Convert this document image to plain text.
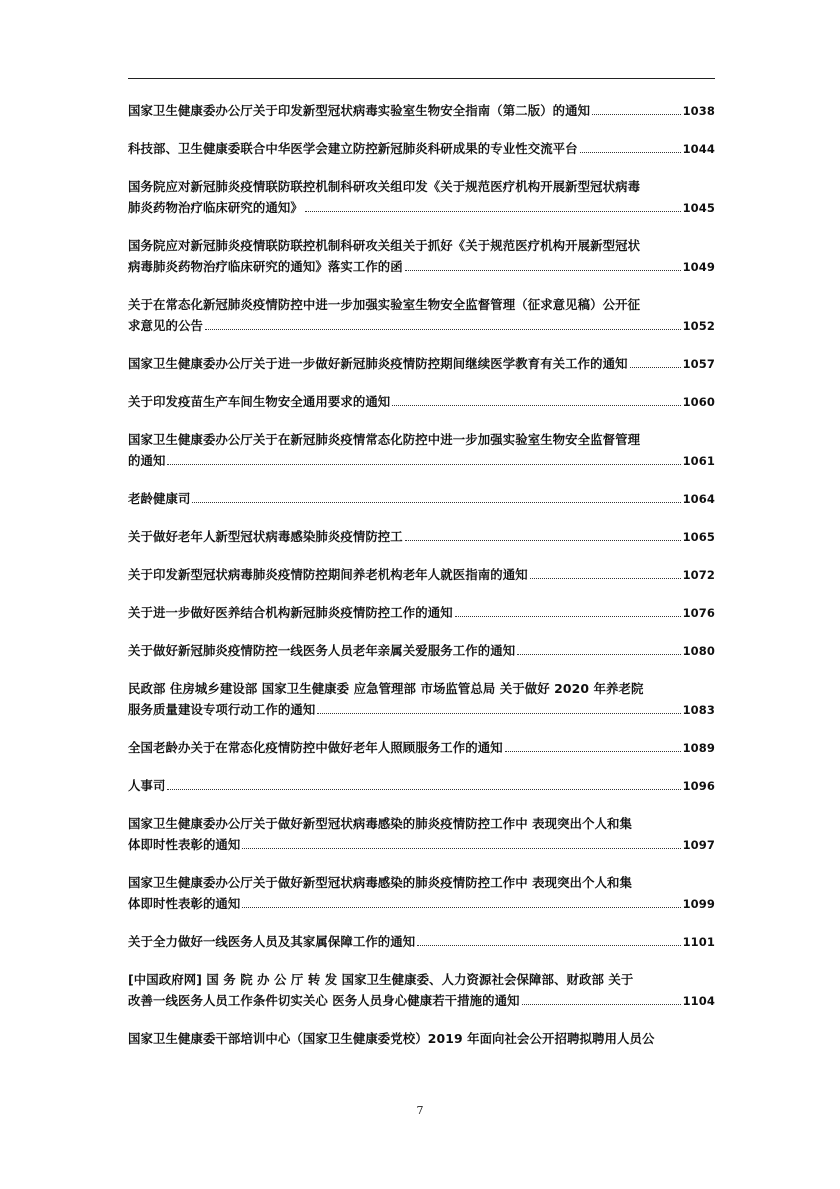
国家卫生健康委办公厅关于印发新型冠状病毒实验室生物安全指南（第二版）的通知	1038
科技部、卫生健康委联合中华医学会建立防控新冠肺炎科研成果的专业性交流平台	1044
国务院应对新冠肺炎疫情联防联控机制科研攻关组印发《关于规范医疗机构开展新型冠状病毒
肺炎药物治疗临床研究的通知》	1045
国务院应对新冠肺炎疫情联防联控机制科研攻关组关于抓好《关于规范医疗机构开展新型冠状
病毒肺炎药物治疗临床研究的通知》落实工作的函	1049
关于在常态化新冠肺炎疫情防控中进一步加强实验室生物安全监督管理（征求意见稿）公开征
求意见的公告	1052
国家卫生健康委办公厅关于进一步做好新冠肺炎疫情防控期间继续医学教育有关工作的通知	1057
关于印发疫苗生产车间生物安全通用要求的通知	1060
国家卫生健康委办公厅关于在新冠肺炎疫情常态化防控中进一步加强实验室生物安全监督管理
的通知	1061
老龄健康司	1064
关于做好老年人新型冠状病毒感染肺炎疫情防控工	1065
关于印发新型冠状病毒肺炎疫情防控期间养老机构老年人就医指南的通知	1072
关于进一步做好医养结合机构新冠肺炎疫情防控工作的通知	1076
关于做好新冠肺炎疫情防控一线医务人员老年亲属关爱服务工作的通知	1080
民政部 住房城乡建设部 国家卫生健康委 应急管理部 市场监管总局 关于做好 2020 年养老院
服务质量建设专项行动工作的通知	1083
全国老龄办关于在常态化疫情防控中做好老年人照顾服务工作的通知	1089
人事司	1096
国家卫生健康委办公厅关于做好新型冠状病毒感染的肺炎疫情防控工作中 表现突出个人和集
体即时性表彰的通知	1097
国家卫生健康委办公厅关于做好新型冠状病毒感染的肺炎疫情防控工作中 表现突出个人和集
体即时性表彰的通知	1099
关于全力做好一线医务人员及其家属保障工作的通知	1101
[中国政府网] 国 务 院 办 公 厅 转 发 国家卫生健康委、人力资源社会保障部、财政部 关于
改善一线医务人员工作条件切实关心 医务人员身心健康若干措施的通知	1104
国家卫生健康委干部培训中心（国家卫生健康委党校）2019 年面向社会公开招聘拟聘用人员公
7
